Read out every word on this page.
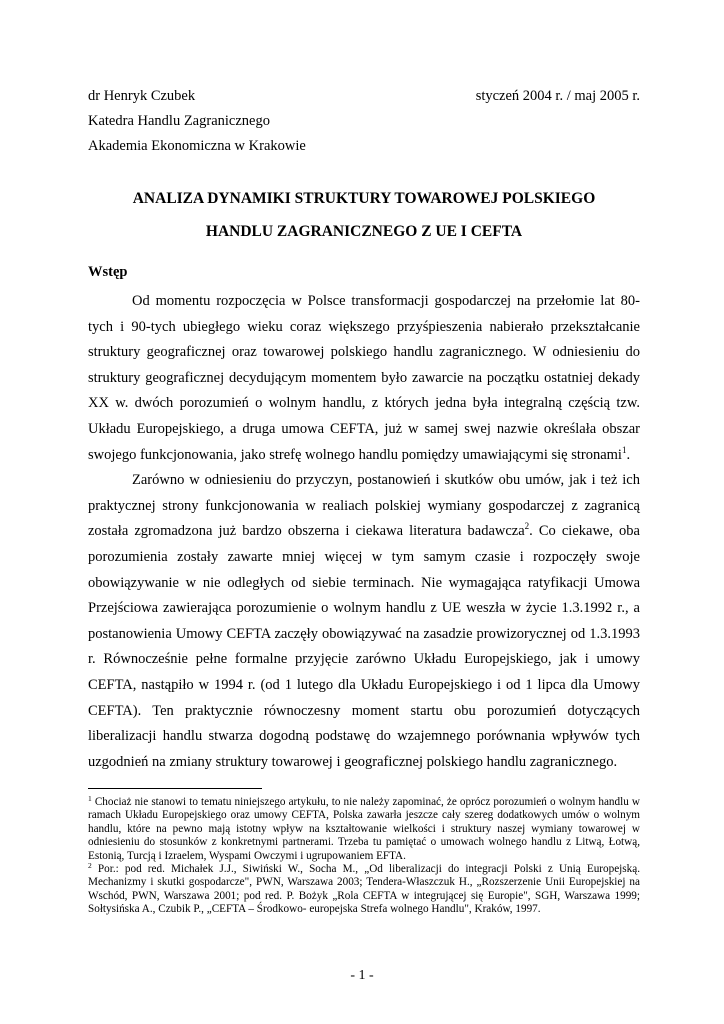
dr Henryk Czubek	styczeń 2004 r. / maj 2005 r.
Katedra Handlu Zagranicznego
Akademia Ekonomiczna w Krakowie
ANALIZA DYNAMIKI STRUKTURY TOWAROWEJ POLSKIEGO
HANDLU ZAGRANICZNEGO Z UE I CEFTA
Wstęp

Od momentu rozpoczęcia w Polsce transformacji gospodarczej na przełomie lat 80-tych i 90-tych ubiegłego wieku coraz większego przyśpieszenia nabierało przekształcanie struktury geograficznej oraz towarowej polskiego handlu zagranicznego. W odniesieniu do struktury geograficznej decydującym momentem było zawarcie na początku ostatniej dekady XX w. dwóch porozumień o wolnym handlu, z których jedna była integralną częścią tzw. Układu Europejskiego, a druga umowa CEFTA, już w samej swej nazwie określała obszar swojego funkcjonowania, jako strefę wolnego handlu pomiędzy umawiającymi się stronami$^1$.

Zarówno w odniesieniu do przyczyn, postanowień i skutków obu umów, jak i też ich praktycznej strony funkcjonowania w realiach polskiej wymiany gospodarczej z zagranicą została zgromadzona już bardzo obszerna i ciekawa literatura badawcza$^2$. Co ciekawe, oba porozumienia zostały zawarte mniej więcej w tym samym czasie i rozpoczęły swoje obowiązywanie w nie odległych od siebie terminach. Nie wymagająca ratyfikacji Umowa Przejściowa zawierająca porozumienie o wolnym handlu z UE weszła w życie 1.3.1992 r., a postanowienia Umowy CEFTA zaczęły obowiązywać na zasadzie prowizorycznej od 1.3.1993 r. Równocześnie pełne formalne przyjęcie zarówno Układu Europejskiego, jak i umowy CEFTA, nastąpiło w 1994 r. (od 1 lutego dla Układu Europejskiego i od 1 lipca dla Umowy CEFTA). Ten praktycznie równoczesny moment startu obu porozumień dotyczących liberalizacji handlu stwarza dogodną podstawę do wzajemnego porównania wpływów tych uzgodnień na zmiany struktury towarowej i geograficznej polskiego handlu zagranicznego.

$^1$ Chociaż nie stanowi to tematu niniejszego artykułu, to nie należy zapominać, że oprócz porozumień o wolnym handlu w ramach Układu Europejskiego oraz umowy CEFTA, Polska zawarła jeszcze cały szereg dodatkowych umów o wolnym handlu, które na pewno mają istotny wpływ na kształtowanie wielkości i struktury naszej wymiany towarowej w odniesieniu do stosunków z konkretnymi partnerami. Trzeba tu pamiętać o umowach wolnego handlu z Litwą, Łotwą, Estonią, Turcją i Izraelem, Wyspami Owczymi i ugrupowaniem EFTA.

$^2$ Por.: pod red. Michałek J.J., Siwiński W., Socha M., „Od liberalizacji do integracji Polski z Unią Europejską. Mechanizmy i skutki gospodarcze", PWN, Warszawa 2003; Tendera-Właszczuk H., „Rozszerzenie Unii Europejskiej na Wschód, PWN, Warszawa 2001; pod red. P. Bożyk „Rola CEFTA w integrującej się Europie", SGH, Warszawa 1999; Sołtysińska A., Czubik P., „CEFTA – Środkowo- europejska Strefa wolnego Handlu", Kraków, 1997.

- 1 -
